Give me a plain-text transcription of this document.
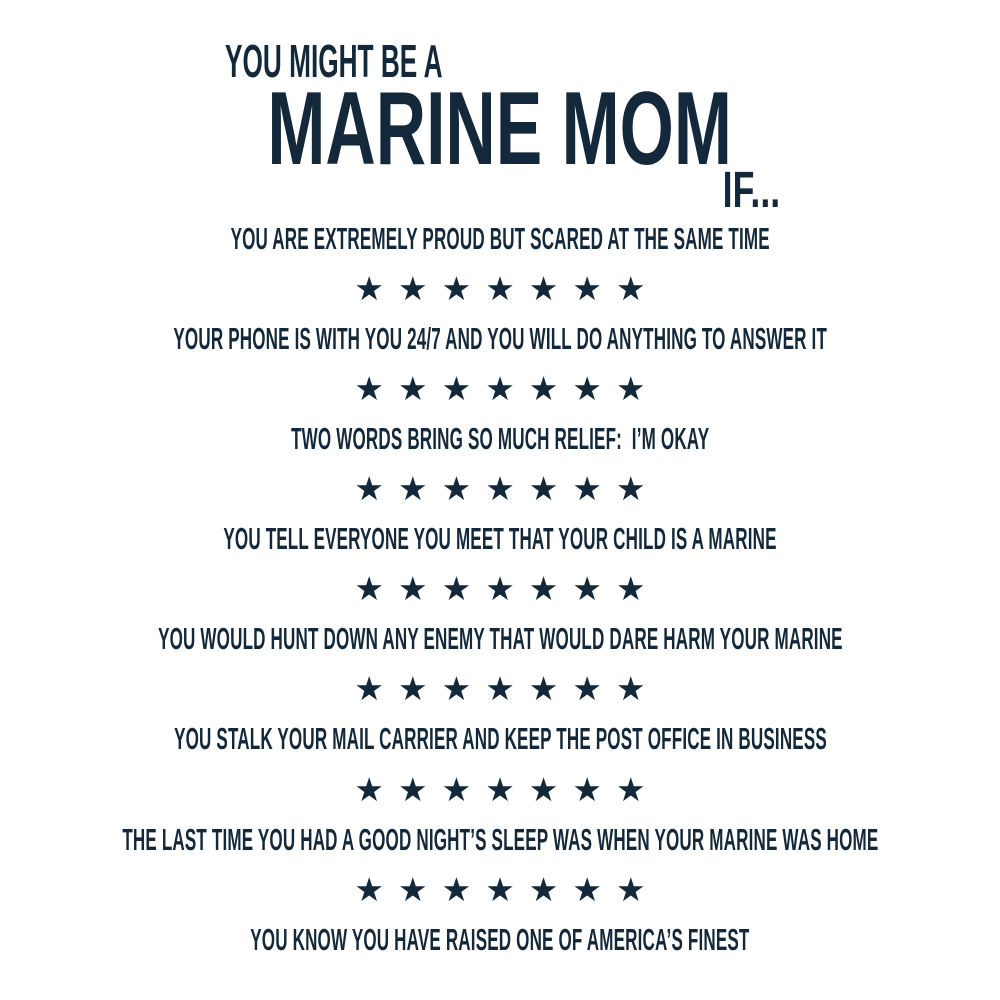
YOU MIGHT BE A
MARINE MOM
IF...
YOU ARE EXTREMELY PROUD BUT SCARED AT THE SAME TIME
★ ★ ★ ★ ★ ★ ★
YOUR PHONE IS WITH YOU 24/7 AND YOU WILL DO ANYTHING TO ANSWER IT
★ ★ ★ ★ ★ ★ ★
TWO WORDS BRING SO MUCH RELIEF:  I’M OKAY
★ ★ ★ ★ ★ ★ ★
YOU TELL EVERYONE YOU MEET THAT YOUR CHILD IS A MARINE
★ ★ ★ ★ ★ ★ ★
YOU WOULD HUNT DOWN ANY ENEMY THAT WOULD DARE HARM YOUR MARINE
★ ★ ★ ★ ★ ★ ★
YOU STALK YOUR MAIL CARRIER AND KEEP THE POST OFFICE IN BUSINESS
★ ★ ★ ★ ★ ★ ★
THE LAST TIME YOU HAD A GOOD NIGHT’S SLEEP WAS WHEN YOUR MARINE WAS HOME
★ ★ ★ ★ ★ ★ ★
YOU KNOW YOU HAVE RAISED ONE OF AMERICA’S FINEST
